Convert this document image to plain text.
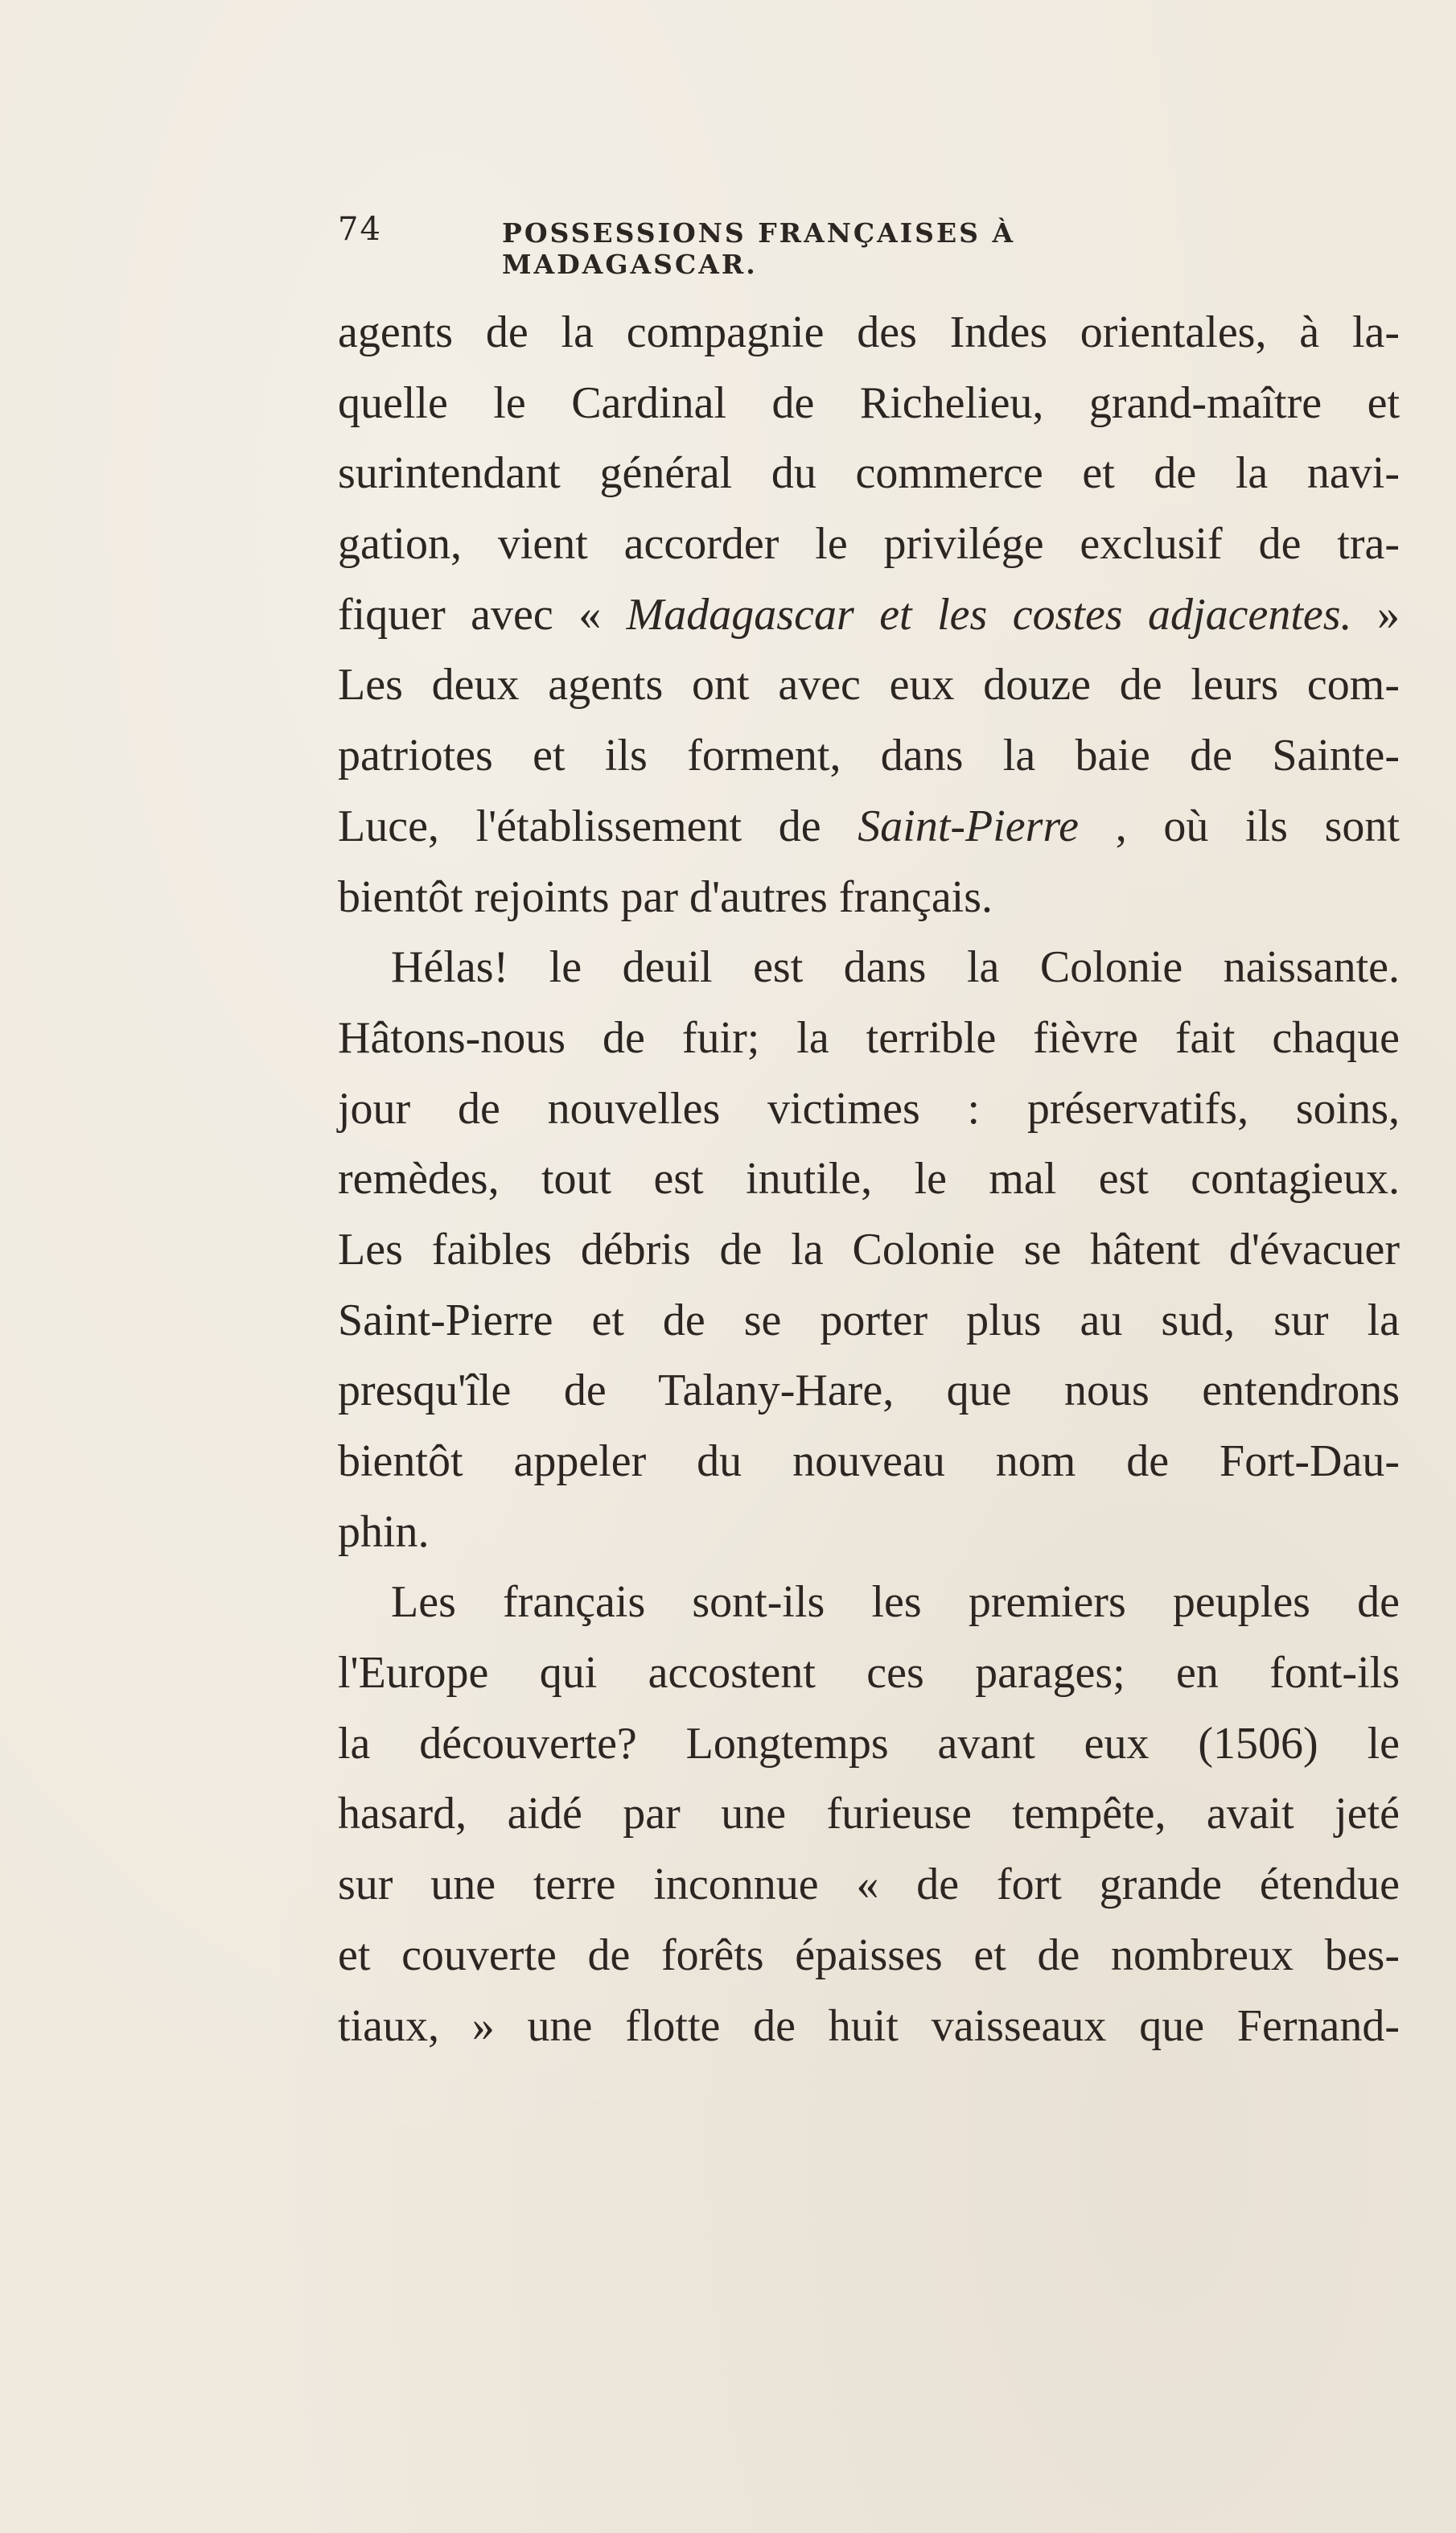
74	POSSESSIONS FRANÇAISES À MADAGASCAR.
agents de la compagnie des Indes orientales, à la-
quelle le Cardinal de Richelieu, grand-maître et
surintendant général du commerce et de la navi-
gation, vient accorder le privilége exclusif de tra-
fiquer avec « Madagascar et les costes adjacentes. »
Les deux agents ont avec eux douze de leurs com-
patriotes et ils forment, dans la baie de Sainte-
Luce, l'établissement de Saint-Pierre , où ils sont
bientôt rejoints par d'autres français.
Hélas! le deuil est dans la Colonie naissante.
Hâtons-nous de fuir; la terrible fièvre fait chaque
jour de nouvelles victimes : préservatifs, soins,
remèdes, tout est inutile, le mal est contagieux.
Les faibles débris de la Colonie se hâtent d'évacuer
Saint-Pierre et de se porter plus au sud, sur la
presqu'île de Talany-Hare, que nous entendrons
bientôt appeler du nouveau nom de Fort-Dau-
phin.
Les français sont-ils les premiers peuples de
l'Europe qui accostent ces parages; en font-ils
la découverte? Longtemps avant eux (1506) le
hasard, aidé par une furieuse tempête, avait jeté
sur une terre inconnue « de fort grande étendue
et couverte de forêts épaisses et de nombreux bes-
tiaux, » une flotte de huit vaisseaux que Fernand-
